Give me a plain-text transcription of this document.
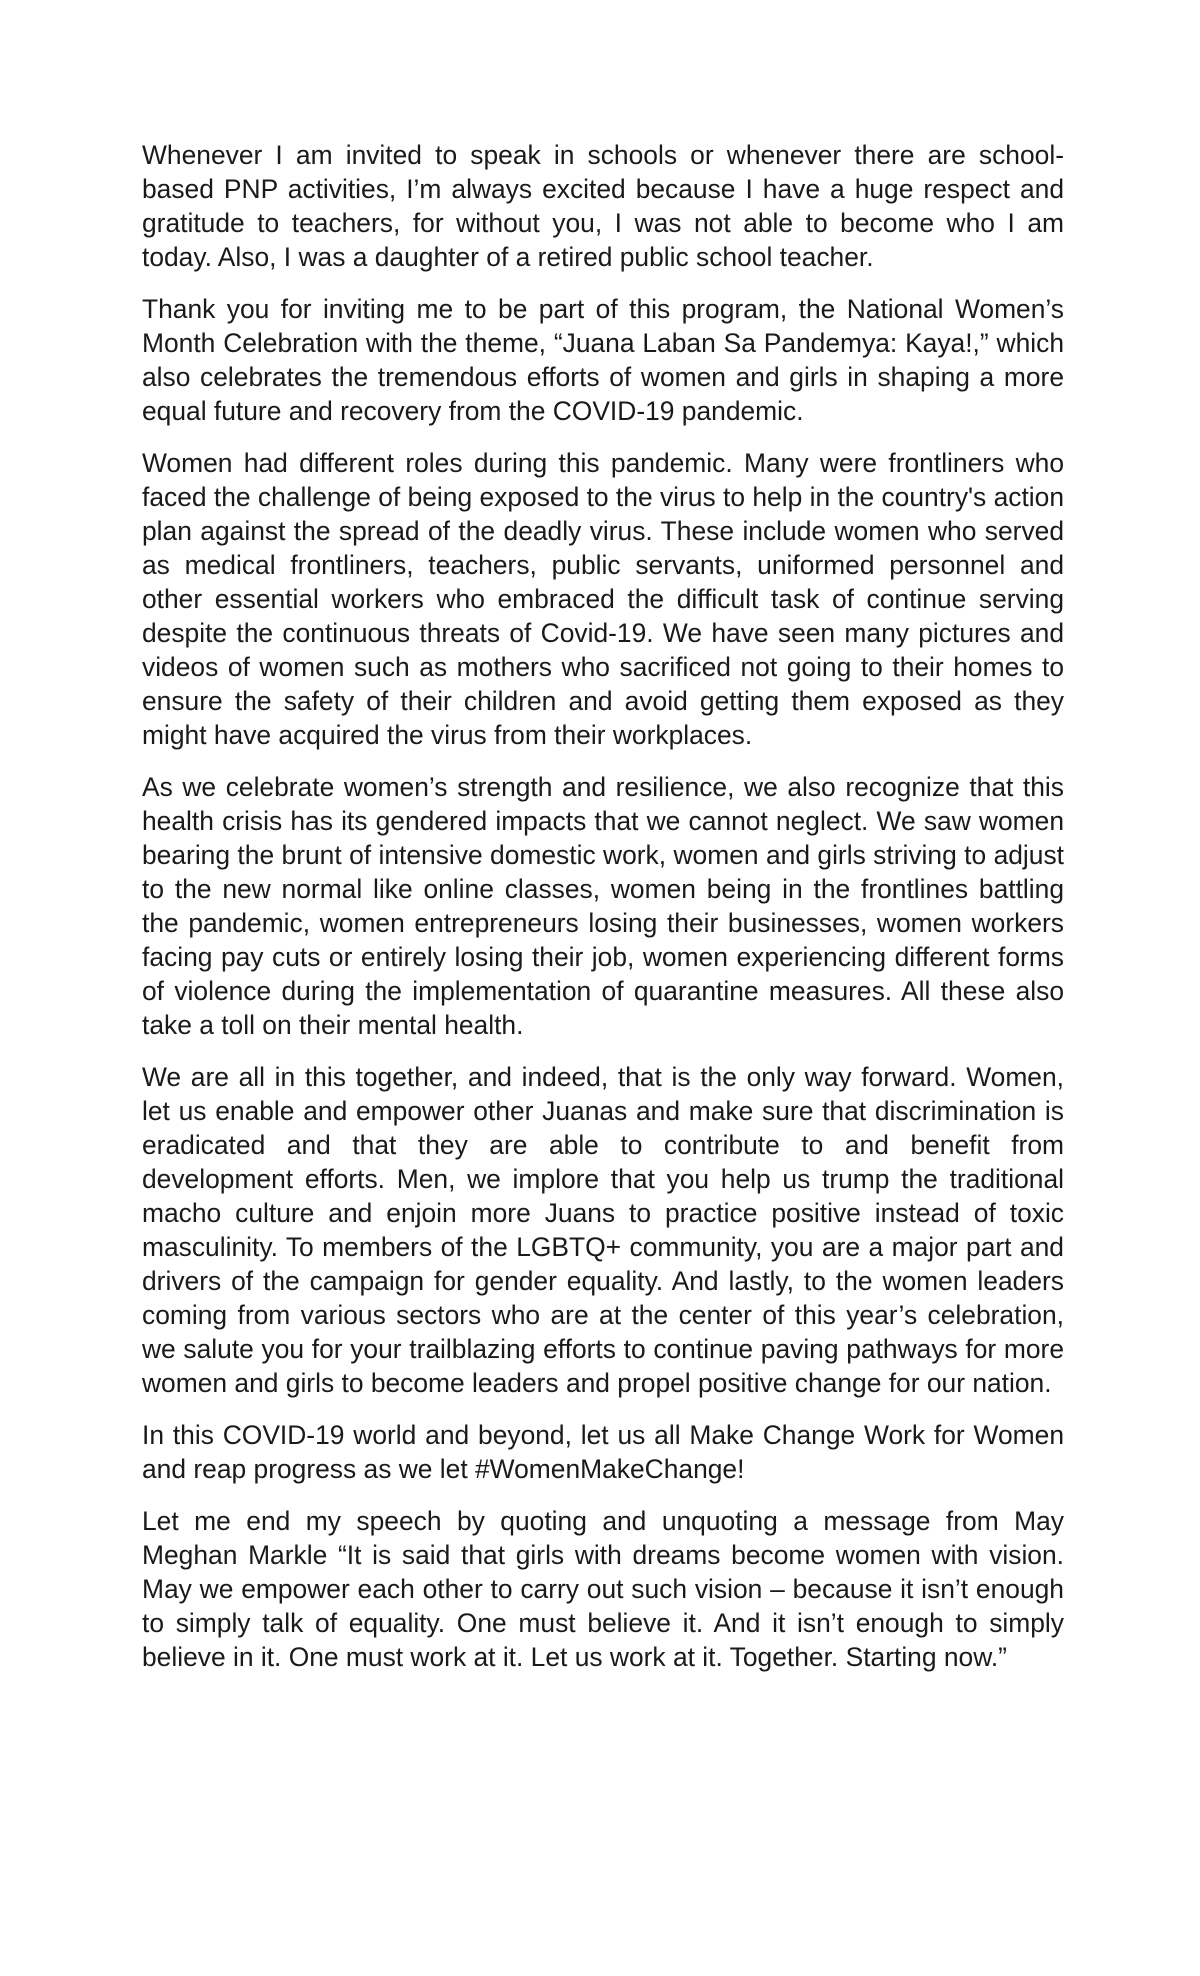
Whenever I am invited to speak in schools or whenever there are school-based PNP activities, I’m always excited because I have a huge respect and gratitude to teachers, for without you, I was not able to become who I am today. Also, I was a daughter of a retired public school teacher.

Thank you for inviting me to be part of this program, the National Women’s Month Celebration with the theme, “Juana Laban Sa Pandemya: Kaya!,” which also celebrates the tremendous efforts of women and girls in shaping a more equal future and recovery from the COVID-19 pandemic.

Women had different roles during this pandemic. Many were frontliners who faced the challenge of being exposed to the virus to help in the country's action plan against the spread of the deadly virus. These include women who served as medical frontliners, teachers, public servants, uniformed personnel and other essential workers who embraced the difficult task of continue serving despite the continuous threats of Covid-19. We have seen many pictures and videos of women such as mothers who sacrificed not going to their homes to ensure the safety of their children and avoid getting them exposed as they might have acquired the virus from their workplaces.

As we celebrate women’s strength and resilience, we also recognize that this health crisis has its gendered impacts that we cannot neglect. We saw women bearing the brunt of intensive domestic work, women and girls striving to adjust to the new normal like online classes, women being in the frontlines battling the pandemic, women entrepreneurs losing their businesses, women workers facing pay cuts or entirely losing their job, women experiencing different forms of violence during the implementation of quarantine measures. All these also take a toll on their mental health.

We are all in this together, and indeed, that is the only way forward. Women, let us enable and empower other Juanas and make sure that discrimination is eradicated and that they are able to contribute to and benefit from development efforts. Men, we implore that you help us trump the traditional macho culture and enjoin more Juans to practice positive instead of toxic masculinity. To members of the LGBTQ+ community, you are a major part and drivers of the campaign for gender equality. And lastly, to the women leaders coming from various sectors who are at the center of this year’s celebration, we salute you for your trailblazing efforts to continue paving pathways for more women and girls to become leaders and propel positive change for our nation.

In this COVID-19 world and beyond, let us all Make Change Work for Women and reap progress as we let #WomenMakeChange!

Let me end my speech by quoting and unquoting a message from May Meghan Markle “It is said that girls with dreams become women with vision. May we empower each other to carry out such vision – because it isn’t enough to simply talk of equality. One must believe it. And it isn’t enough to simply believe in it. One must work at it. Let us work at it. Together. Starting now.”
